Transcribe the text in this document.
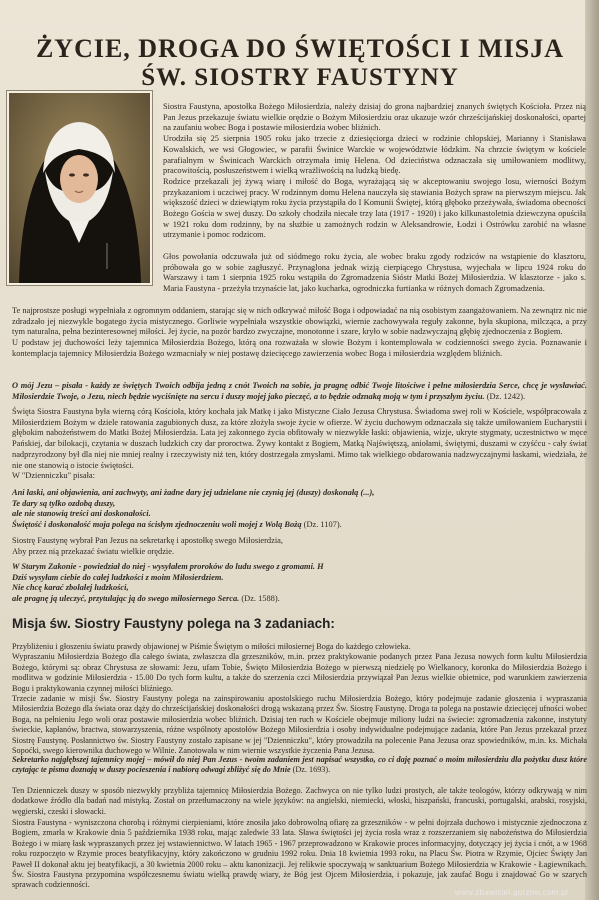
ŻYCIE, DROGA DO ŚWIĘTOŚCI I MISJA
ŚW. SIOSTRY FAUSTYNY

Siostra Faustyna, apostołka Bożego Miłosierdzia, należy dzisiaj do grona najbardziej znanych świętych Kościoła. Przez nią Pan Jezus przekazuje światu wielkie orędzie o Bożym Miłosierdziu oraz ukazuje wzór chrześcijańskiej doskonałości, opartej na zaufaniu wobec Boga i postawie miłosierdzia wobec bliźnich.

Urodziła się 25 sierpnia 1905 roku jako trzecie z dziesięciorga dzieci w rodzinie chłopskiej, Marianny i Stanisława Kowalskich, we wsi Głogowiec, w parafii Świnice Warckie w województwie łódzkim. Na chrzcie świętym w kościele parafialnym w Świnicach Warckich otrzymała imię Helena. Od dzieciństwa odznaczała się umiłowaniem modlitwy, pracowitością, posłuszeństwem i wielką wrażliwością na ludzką biedę.

Rodzice przekazali jej żywą wiarę i miłość do Boga, wyrażającą się w akceptowaniu swojego losu, wierności Bożym przykazaniom i uczciwej pracy. W rodzinnym domu Helena nauczyła się stawiania Bożych spraw na pierwszym miejscu. Jak większość dzieci w dziewiątym roku życia przystąpiła do I Komunii Świętej, którą głęboko przeżywała, świadoma obecności Bożego Gościa w swej duszy. Do szkoły chodziła niecałe trzy lata (1917 - 1920) i jako kilkunastoletnia dziewczyna opuściła w 1921 roku dom rodzinny, by na służbie u zamożnych rodzin w Aleksandrowie, Łodzi i Ostrówku zarobić na własne utrzymanie i pomoc rodzicom.

Głos powołania odczuwała już od siódmego roku życia, ale wobec braku zgody rodziców na wstąpienie do klasztoru, próbowała go w sobie zagłuszyć. Przynaglona jednak wizją cierpiącego Chrystusa, wyjechała w lipcu 1924 roku do Warszawy i tam 1 sierpnia 1925 roku wstąpiła do Zgromadzenia Sióstr Matki Bożej Miłosierdzia. W klasztorze - jako s. Maria Faustyna - przeżyła trzynaście lat, jako kucharka, ogrodniczka furtianka w różnych domach Zgromadzenia.

Te najprostsze posługi wypełniała z ogromnym oddaniem, starając się w nich odkrywać miłość Boga i odpowiadać na nią osobistym zaangażowaniem. Na zewnątrz nic nie zdradzało jej niezwykle bogatego życia mistycznego. Gorliwie wypełniała wszystkie obowiązki, wiernie zachowywała reguły zakonne, była skupiona, milcząca, a przy tym naturalna, pełna bezinteresownej miłości. Jej życie, na pozór bardzo zwyczajne, monotonne i szare, kryło w sobie nadzwyczajną głębię zjednoczenia z Bogiem.

U podstaw jej duchowości leży tajemnica Miłosierdzia Bożego, którą ona rozważała w słowie Bożym i kontemplowała w codzienności swego życia. Poznawanie i kontemplacja tajemnicy Miłosierdzia Bożego wzmacniały w niej postawę dziecięcego zawierzenia wobec Boga i miłosierdzia względem bliźnich.

O mój Jezu – pisała - każdy ze świętych Twoich odbija jedną z cnót Twoich na sobie, ja pragnę odbić Twoje litościwe i pełne miłosierdzia Serce, chcę je wysławiać. Miłosierdzie Twoje, o Jezu, niech będzie wyciśnięte na sercu i duszy mojej jako pieczęć, a to będzie odznaką moją w tym i przyszłym życiu. (Dz. 1242).

Święta Siostra Faustyna była wierną córą Kościoła, który kochała jak Matkę i jako Mistyczne Ciało Jezusa Chrystusa. Świadoma swej roli w Kościele, współpracowała z Miłosierdziem Bożym w dziele ratowania zagubionych dusz, za które złożyła swoje życie w ofierze. W życiu duchowym odznaczała się także umiłowaniem Eucharystii i głębokim nabożeństwem do Matki Bożej Miłosierdzia. Lata jej zakonnego życia obfitowały w niezwykłe łaski: objawienia, wizje, ukryte stygmaty, uczestnictwo w męce Pańskiej, dar bilokacji, czytania w duszach ludzkich czy dar proroctwa. Żywy kontakt z Bogiem, Matką Najświętszą, aniołami, świętymi, duszami w czyśćcu - cały świat nadprzyrodzony był dla niej nie mniej realny i rzeczywisty niż ten, który dostrzegała zmysłami. Mimo tak wielkiego obdarowania nadzwyczajnymi łaskami, wiedziała, że nie one stanowią o istocie świętości.

W "Dzienniczku" pisała:

Ani łaski, ani objawienia, ani zachwyty, ani żadne dary jej udzielane nie czynią jej (duszy) doskonałą (...),

Te dary są tylko ozdobą duszy,

ale nie stanowią treści ani doskonałości.

Świętość i doskonałość moja polega na ścisłym zjednoczeniu woli mojej z Wolą Bożą (Dz. 1107).

Siostrę Faustynę wybrał Pan Jezus na sekretarkę i apostołkę swego Miłosierdzia,

Aby przez nią przekazać światu wielkie orędzie.

W Starym Zakonie - powiedział do niej - wysyłałem proroków do ludu swego z gromami. H

Dziś wysyłam ciebie do całej ludzkości z moim Miłosierdziem.

Nie chcę karać zbolałej ludzkości,

ale pragnę ją uleczyć, przytulając ją do swego miłosiernego Serca. (Dz. 1588).

Misja św. Siostry Faustyny polega na 3 zadaniach:

Przybliżeniu i głoszeniu światu prawdy objawionej w Piśmie Świętym o miłości miłosiernej Boga do każdego człowieka.

Wypraszaniu Miłosierdzia Bożego dla całego świata, zwłaszcza dla grzeszników, m.in. przez praktykowanie podanych przez Pana Jezusa nowych form kultu Miłosierdzia Bożego, którymi są: obraz Chrystusa ze słowami: Jezu, ufam Tobie, Święto Miłosierdzia Bożego w pierwszą niedzielę po Wielkanocy, koronka do Miłosierdzia Bożego i modlitwa w godzinie Miłosierdzia - 15.00 Do tych form kultu, a także do szerzenia czci Miłosierdzia przywiązał Pan Jezus wielkie obietnice, pod warunkiem zawierzenia Bogu i praktykowania czynnej miłości bliźniego.

Trzecie zadanie w misji Św. Siostry Faustyny polega na zainspirowaniu apostolskiego ruchu Miłosierdzia Bożego, który podejmuje zadanie głoszenia i wypraszania Miłosierdzia Bożego dla świata oraz dąży do chrześcijańskiej doskonałości drogą wskazaną przez Św. Siostrę Faustynę. Droga ta polega na postawie dziecięcej ufności wobec Boga, na pełnieniu Jego woli oraz postawie miłosierdzia wobec bliźnich. Dzisiaj ten ruch w Kościele obejmuje miliony ludzi na świecie: zgromadzenia zakonne, instytuty świeckie, kapłanów, bractwa, stowarzyszenia, różne wspólnoty apostołów Bożego Miłosierdzia i osoby indywidualne podejmujące zadania, które Pan Jezus przekazał przez Siostrę Faustynę. Posłannictwo św. Siostry Faustyny zostało zapisane w jej "Dzienniczku", który prowadziła na polecenie Pana Jezusa oraz spowiedników, m.in. ks. Michała Sopoćki, swego kierownika duchowego w Wilnie. Zanotowała w nim wiernie wszystkie życzenia Pana Jezusa.

Sekretarko najgłębszej tajemnicy mojej – mówił do niej Pan Jezus - twoim zadaniem jest napisać wszystko, co ci daję poznać o moim miłosierdziu dla pożytku dusz które czytając te pisma doznają w duszy pocieszenia i nabiorą odwagi zbliżyć się do Mnie (Dz. 1693).

Ten Dzienniczek duszy w sposób niezwykły przybliża tajemnicę Miłosierdzia Bożego. Zachwyca on nie tylko ludzi prostych, ale także teologów, którzy odkrywają w nim dodatkowe źródło dla badań nad mistyką. Został on przetłumaczony na wiele języków: na angielski, niemiecki, włoski, hiszpański, francuski, portugalski, arabski, rosyjski, węgierski, czeski i słowacki.

Siostra Faustyna - wyniszczona chorobą i różnymi cierpieniami, które znosiła jako dobrowolną ofiarę za grzeszników - w pełni dojrzała duchowo i mistycznie zjednoczona z Bogiem, zmarła w Krakowie dnia 5 października 1938 roku, mając zaledwie 33 lata. Sława świętości jej życia rosła wraz z rozszerzaniem się nabożeństwa do Miłosierdzia Bożego i w miarę łask wypraszanych przez jej wstawiennictwo. W latach 1965 - 1967 przeprowadzono w Krakowie proces informacyjny, dotyczący jej życia i cnót, a w 1968 roku rozpoczęto w Rzymie proces beatyfikacyjny, który zakończono w grudniu 1992 roku. Dnia 18 kwietnia 1993 roku, na Placu Św. Piotra w Rzymie, Ojciec Święty Jan Paweł II dokonał aktu jej beatyfikacji, a 30 kwietnia 2000 roku – aktu kanonizacji. Jej relikwie spoczywają w sanktuarium Bożego Miłosierdzia w Krakowie - Łagiewnikach. Św. Siostra Faustyna przypomina współczesnemu światu wielką prawdę wiary, że Bóg jest Ojcem Miłosierdzia, i pokazuje, jak zaufać Bogu i znajdować Go w szarych sprawach codzienności.

www.zbawiciel.gorzow.com.pl
